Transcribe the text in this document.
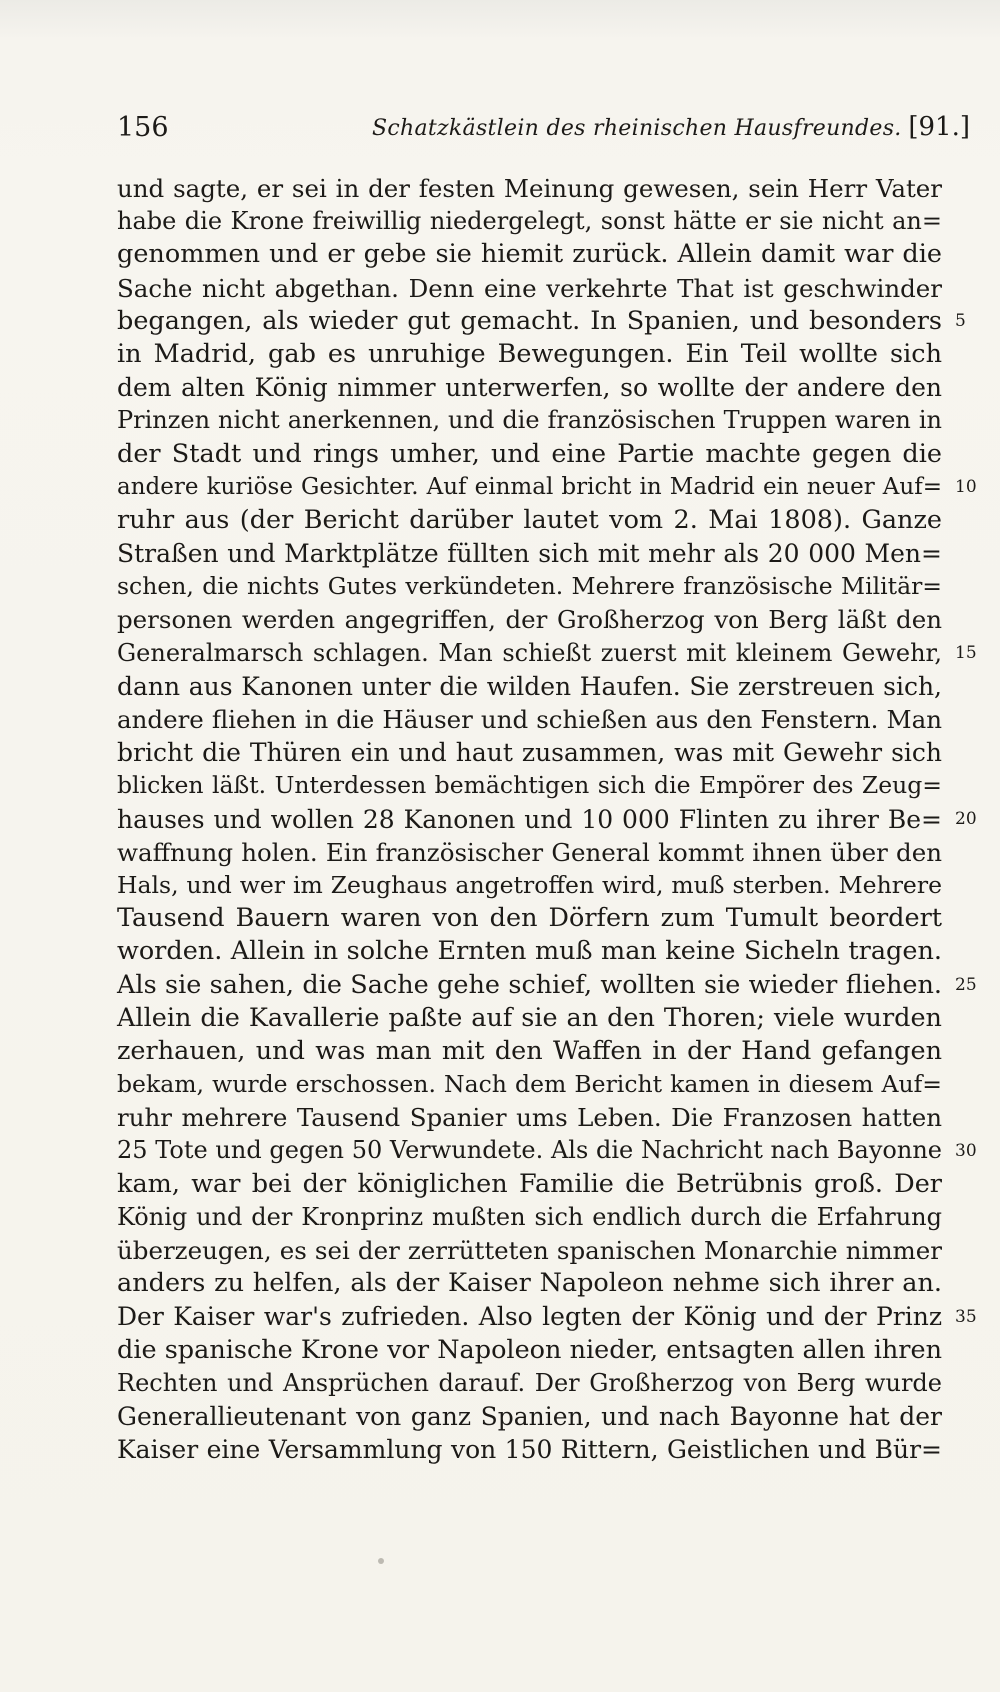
156	Schatzkästlein des rheinischen Hausfreundes. [91.]
und sagte, er sei in der festen Meinung gewesen, sein Herr Vater
habe die Krone freiwillig niedergelegt, sonst hätte er sie nicht an=
genommen und er gebe sie hiemit zurück. Allein damit war die
Sache nicht abgethan. Denn eine verkehrte That ist geschwinder
begangen, als wieder gut gemacht. In Spanien, und besonders
in Madrid, gab es unruhige Bewegungen. Ein Teil wollte sich
dem alten König nimmer unterwerfen, so wollte der andere den
Prinzen nicht anerkennen, und die französischen Truppen waren in
der Stadt und rings umher, und eine Partie machte gegen die
andere kuriöse Gesichter. Auf einmal bricht in Madrid ein neuer Auf=
ruhr aus (der Bericht darüber lautet vom 2. Mai 1808). Ganze
Straßen und Marktplätze füllten sich mit mehr als 20 000 Men=
schen, die nichts Gutes verkündeten. Mehrere französische Militär=
personen werden angegriffen, der Großherzog von Berg läßt den
Generalmarsch schlagen. Man schießt zuerst mit kleinem Gewehr,
dann aus Kanonen unter die wilden Haufen. Sie zerstreuen sich,
andere fliehen in die Häuser und schießen aus den Fenstern. Man
bricht die Thüren ein und haut zusammen, was mit Gewehr sich
blicken läßt. Unterdessen bemächtigen sich die Empörer des Zeug=
hauses und wollen 28 Kanonen und 10 000 Flinten zu ihrer Be=
waffnung holen. Ein französischer General kommt ihnen über den
Hals, und wer im Zeughaus angetroffen wird, muß sterben. Mehrere
Tausend Bauern waren von den Dörfern zum Tumult beordert
worden. Allein in solche Ernten muß man keine Sicheln tragen.
Als sie sahen, die Sache gehe schief, wollten sie wieder fliehen.
Allein die Kavallerie paßte auf sie an den Thoren; viele wurden
zerhauen, und was man mit den Waffen in der Hand gefangen
bekam, wurde erschossen. Nach dem Bericht kamen in diesem Auf=
ruhr mehrere Tausend Spanier ums Leben. Die Franzosen hatten
25 Tote und gegen 50 Verwundete. Als die Nachricht nach Bayonne
kam, war bei der königlichen Familie die Betrübnis groß. Der
König und der Kronprinz mußten sich endlich durch die Erfahrung
überzeugen, es sei der zerrütteten spanischen Monarchie nimmer
anders zu helfen, als der Kaiser Napoleon nehme sich ihrer an.
Der Kaiser war's zufrieden. Also legten der König und der Prinz
die spanische Krone vor Napoleon nieder, entsagten allen ihren
Rechten und Ansprüchen darauf. Der Großherzog von Berg wurde
Generallieutenant von ganz Spanien, und nach Bayonne hat der
Kaiser eine Versammlung von 150 Rittern, Geistlichen und Bür=
5
10
15
20
25
30
35
